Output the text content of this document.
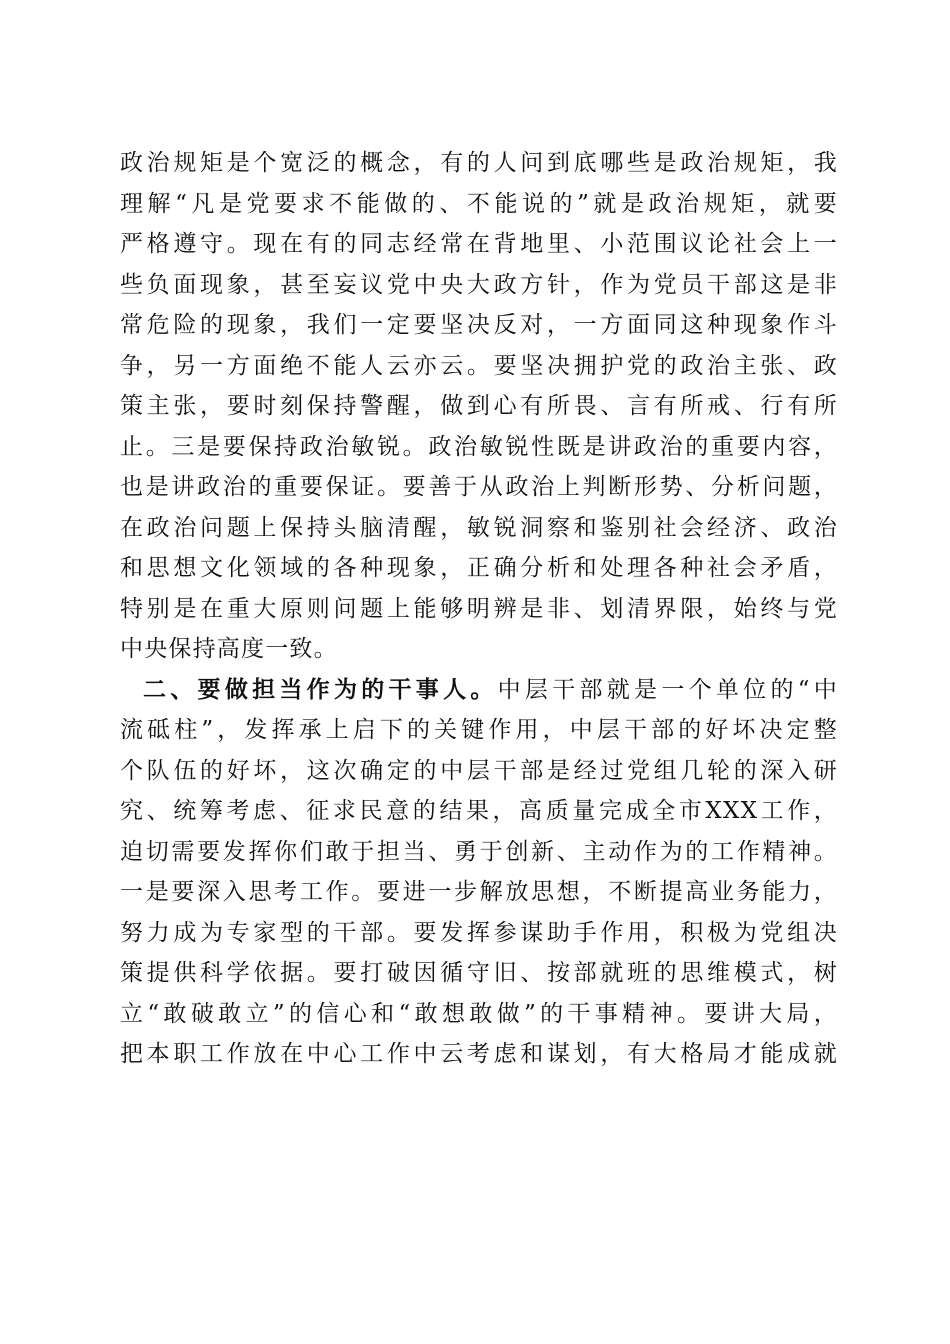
政治规矩是个宽泛的概念，有的人问到底哪些是政治规矩，我

理解“凡是党要求不能做的、不能说的”就是政治规矩，就要

严格遵守。现在有的同志经常在背地里、小范围议论社会上一

些负面现象，甚至妄议党中央大政方针，作为党员干部这是非

常危险的现象，我们一定要坚决反对，一方面同这种现象作斗

争，另一方面绝不能人云亦云。要坚决拥护党的政治主张、政

策主张，要时刻保持警醒，做到心有所畏、言有所戒、行有所

止。三是要保持政治敏锐。政治敏锐性既是讲政治的重要内容，

也是讲政治的重要保证。要善于从政治上判断形势、分析问题，

在政治问题上保持头脑清醒，敏锐洞察和鉴别社会经济、政治

和思想文化领域的各种现象，正确分析和处理各种社会矛盾，

特别是在重大原则问题上能够明辨是非、划清界限，始终与党

中央保持高度一致。

二、要做担当作为的干事人。中层干部就是一个单位的“中

流砥柱”，发挥承上启下的关键作用，中层干部的好坏决定整

个队伍的好坏，这次确定的中层干部是经过党组几轮的深入研

究、统筹考虑、征求民意的结果，高质量完成全市XXX工作，

迫切需要发挥你们敢于担当、勇于创新、主动作为的工作精神。

一是要深入思考工作。要进一步解放思想，不断提高业务能力，

努力成为专家型的干部。要发挥参谋助手作用，积极为党组决

策提供科学依据。要打破因循守旧、按部就班的思维模式，树

立“敢破敢立”的信心和“敢想敢做”的干事精神。要讲大局，

把本职工作放在中心工作中云考虑和谋划，有大格局才能成就
